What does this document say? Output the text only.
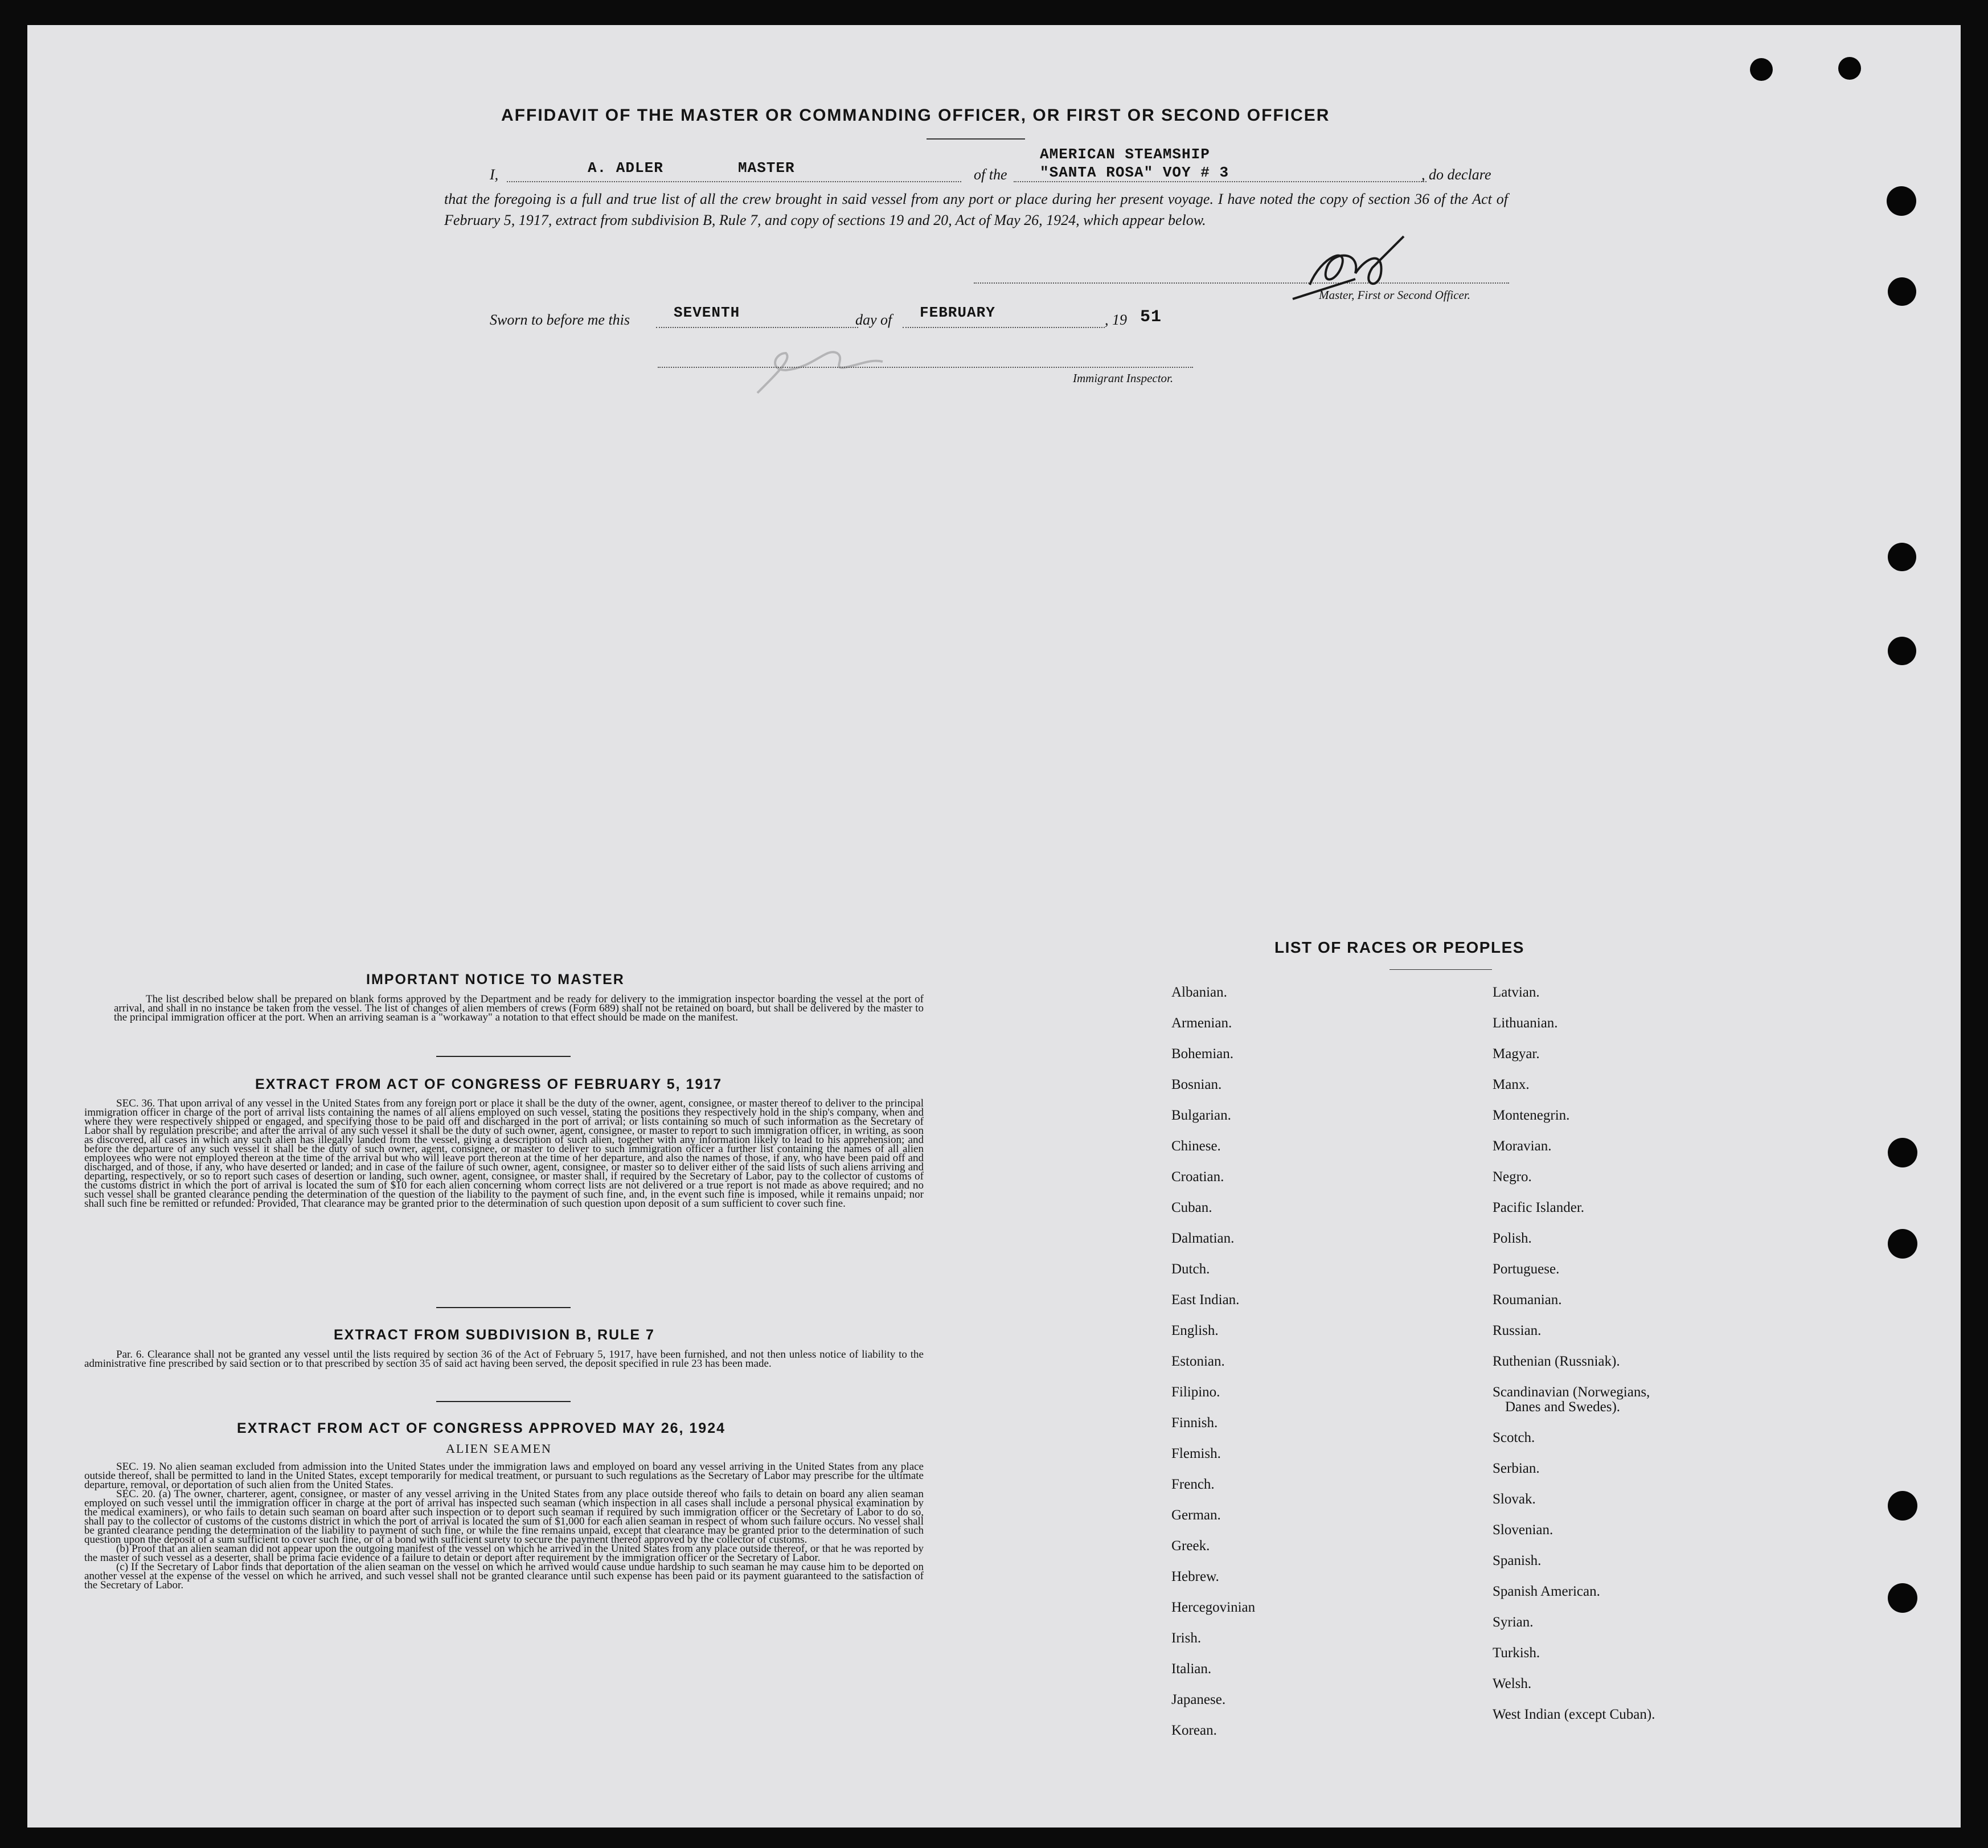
AFFIDAVIT OF THE MASTER OR COMMANDING OFFICER, OR FIRST OR SECOND OFFICER
I,	A. ADLER	MASTER	of the
AMERICAN STEAMSHIP
"SANTA ROSA" VOY # 3	, do declare
that the foregoing is a full and true list of all the crew brought in said vessel from any port or place during her present voyage. I have noted the copy of section 36 of the Act of February 5, 1917, extract from subdivision B, Rule 7, and copy of sections 19 and 20, Act of May 26, 1924, which appear below.
Master, First or Second Officer.
Sworn to before me this	SEVENTH	day of FEBRUARY	, 19 51
Immigrant Inspector.
IMPORTANT NOTICE TO MASTER

The list described below shall be prepared on blank forms approved by the Department and be ready for delivery to the immigration inspector boarding the vessel at the port of arrival, and shall in no instance be taken from the vessel. The list of changes of alien members of crews (Form 689) shall not be retained on board, but shall be delivered by the master to the principal immigration officer at the port. When an arriving seaman is a "workaway" a notation to that effect should be made on the manifest.

EXTRACT FROM ACT OF CONGRESS OF FEBRUARY 5, 1917

SEC. 36. That upon arrival of any vessel in the United States from any foreign port or place it shall be the duty of the owner, agent, consignee, or master thereof to deliver to the principal immigration officer in charge of the port of arrival lists containing the names of all aliens employed on such vessel, stating the positions they respectively hold in the ship's company, when and where they were respectively shipped or engaged, and specifying those to be paid off and discharged in the port of arrival; or lists containing so much of such information as the Secretary of Labor shall by regulation prescribe; and after the arrival of any such vessel it shall be the duty of such owner, agent, consignee, or master to report to such immigration officer, in writing, as soon as discovered, all cases in which any such alien has illegally landed from the vessel, giving a description of such alien, together with any information likely to lead to his apprehension; and before the departure of any such vessel it shall be the duty of such owner, agent, consignee, or master to deliver to such immigration officer a further list containing the names of all alien employees who were not employed thereon at the time of the arrival but who will leave port thereon at the time of her departure, and also the names of those, if any, who have been paid off and discharged, and of those, if any, who have deserted or landed; and in case of the failure of such owner, agent, consignee, or master so to deliver either of the said lists of such aliens arriving and departing, respectively, or so to report such cases of desertion or landing, such owner, agent, consignee, or master shall, if required by the Secretary of Labor, pay to the collector of customs of the customs district in which the port of arrival is located the sum of $10 for each alien concerning whom correct lists are not delivered or a true report is not made as above required; and no such vessel shall be granted clearance pending the determination of the question of the liability to the payment of such fine, and, in the event such fine is imposed, while it remains unpaid; nor shall such fine be remitted or refunded: Provided, That clearance may be granted prior to the determination of such question upon deposit of a sum sufficient to cover such fine.

EXTRACT FROM SUBDIVISION B, RULE 7

Par. 6. Clearance shall not be granted any vessel until the lists required by section 36 of the Act of February 5, 1917, have been furnished, and not then unless notice of liability to the administrative fine prescribed by said section or to that prescribed by section 35 of said act having been served, the deposit specified in rule 23 has been made.

EXTRACT FROM ACT OF CONGRESS APPROVED MAY 26, 1924
ALIEN SEAMEN

SEC. 19. No alien seaman excluded from admission into the United States under the immigration laws and employed on board any vessel arriving in the United States from any place outside thereof, shall be permitted to land in the United States, except temporarily for medical treatment, or pursuant to such regulations as the Secretary of Labor may prescribe for the ultimate departure, removal, or deportation of such alien from the United States.

SEC. 20. (a) The owner, charterer, agent, consignee, or master of any vessel arriving in the United States from any place outside thereof who fails to detain on board any alien seaman employed on such vessel until the immigration officer in charge at the port of arrival has inspected such seaman (which inspection in all cases shall include a personal physical examination by the medical examiners), or who fails to detain such seaman on board after such inspection or to deport such seaman if required by such immigration officer or the Secretary of Labor to do so, shall pay to the collector of customs of the customs district in which the port of arrival is located the sum of $1,000 for each alien seaman in respect of whom such failure occurs. No vessel shall be granted clearance pending the determination of the liability to payment of such fine, or while the fine remains unpaid, except that clearance may be granted prior to the determination of such question upon the deposit of a sum sufficient to cover such fine, or of a bond with sufficient surety to secure the payment thereof approved by the collector of customs.

(b) Proof that an alien seaman did not appear upon the outgoing manifest of the vessel on which he arrived in the United States from any place outside thereof, or that he was reported by the master of such vessel as a deserter, shall be prima facie evidence of a failure to detain or deport after requirement by the immigration officer or the Secretary of Labor.

(c) If the Secretary of Labor finds that deportation of the alien seaman on the vessel on which he arrived would cause undue hardship to such seaman he may cause him to be deported on another vessel at the expense of the vessel on which he arrived, and such vessel shall not be granted clearance until such expense has been paid or its payment guaranteed to the satisfaction of the Secretary of Labor.

LIST OF RACES OR PEOPLES
Albanian.
Armenian.
Bohemian.
Bosnian.
Bulgarian.
Chinese.
Croatian.
Cuban.
Dalmatian.
Dutch.
East Indian.
English.
Estonian.
Filipino.
Finnish.
Flemish.
French.
German.
Greek.
Hebrew.
Hercegovinian
Irish.
Italian.
Japanese.
Korean.
Latvian.
Lithuanian.
Magyar.
Manx.
Montenegrin.
Moravian.
Negro.
Pacific Islander.
Polish.
Portuguese.
Roumanian.
Russian.
Ruthenian (Russniak).
Scandinavian (Norwegians,
Danes and Swedes).
Scotch.
Serbian.
Slovak.
Slovenian.
Spanish.
Spanish American.
Syrian.
Turkish.
Welsh.
West Indian (except Cuban).
